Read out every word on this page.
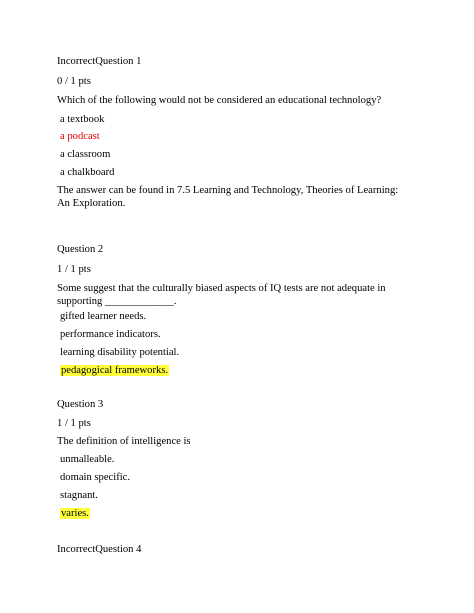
IncorrectQuestion 1
0 / 1 pts
Which of the following would not be considered an educational technology?
a textbook
a podcast
a classroom
a chalkboard
The answer can be found in 7.5 Learning and Technology, Theories of Learning: An Exploration.
Question 2
1 / 1 pts
Some suggest that the culturally biased aspects of IQ tests are not adequate in supporting _____________.
gifted learner needs.
performance indicators.
learning disability potential.
pedagogical frameworks.
Question 3
1 / 1 pts
The definition of intelligence is
unmalleable.
domain specific.
stagnant.
varies.
IncorrectQuestion 4
